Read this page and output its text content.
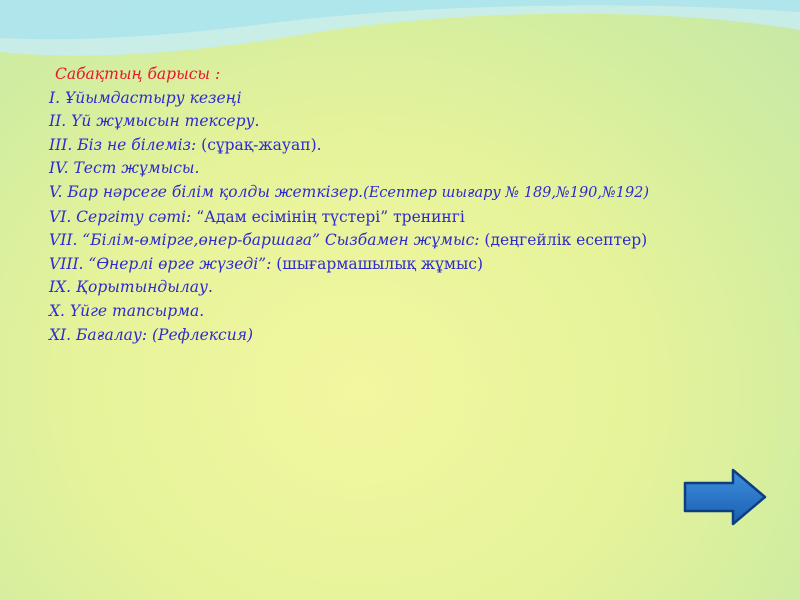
Сабақтың барысы :
I. Ұйымдастыру кезеңі
II. Үй жұмысын тексеру.
III. Біз не білеміз: (сұрақ-жауап).
IV. Тест жұмысы.
V. Бар нәрсеге білім қолды жеткізер.(Есептер шығару № 189,№190,№192)
VI. Сергіту сәті: “Адам есімінің түстері” тренингі
VII. “Білім-өмірге,өнер-баршаға” Сызбамен жұмыс: (деңгейлік есептер)
VIII. “Өнерлі өрге жүзеді”: (шығармашылық жұмыс)
IX. Қорытындылау.
X. Үйге тапсырма.
XI. Бағалау: (Рефлексия)
